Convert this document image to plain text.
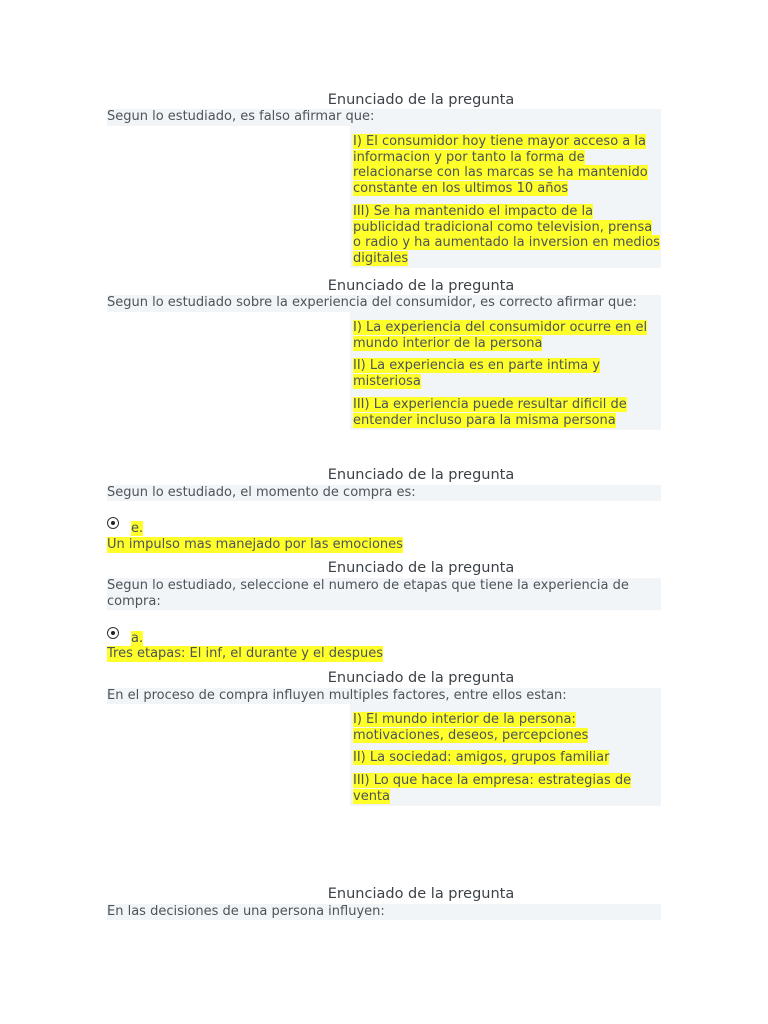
Enunciado de la pregunta
Segun lo estudiado, es falso afirmar que:
I) El consumidor hoy tiene mayor acceso a la informacion y por tanto la forma de relacionarse con las marcas se ha mantenido constante en los ultimos 10 años
III) Se ha mantenido el impacto de la publicidad tradicional como television, prensa o radio y ha aumentado la inversion en medios digitales
Enunciado de la pregunta
Segun lo estudiado sobre la experiencia del consumidor, es correcto afirmar que:
I) La experiencia del consumidor ocurre en el mundo interior de la persona
II) La experiencia es en parte intima y misteriosa
III) La experiencia puede resultar dificil de entender incluso para la misma persona
Enunciado de la pregunta
Segun lo estudiado, el momento de compra es:
e.
Un impulso mas manejado por las emociones
Enunciado de la pregunta
Segun lo estudiado, seleccione el numero de etapas que tiene la experiencia de compra:
a.
Tres etapas: El inf, el durante y el despues
Enunciado de la pregunta
En el proceso de compra influyen multiples factores, entre ellos estan:
I) El mundo interior de la persona: motivaciones, deseos, percepciones
II) La sociedad: amigos, grupos familiar
III) Lo que hace la empresa: estrategias de venta
Enunciado de la pregunta
En las decisiones de una persona influyen:
